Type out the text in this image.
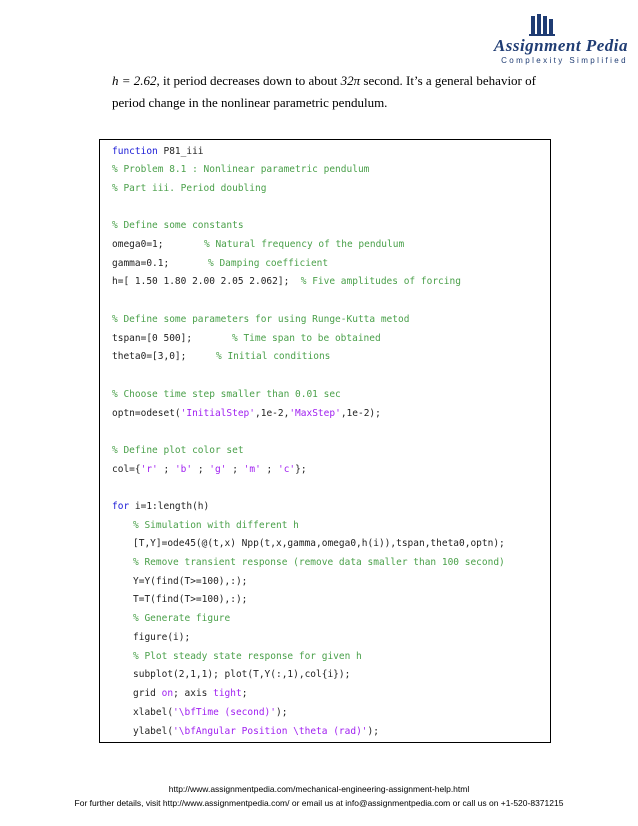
Assignment Pedia
Complexity Simplified
h = 2.62, it period decreases down to about 32π second. It’s a general behavior of
period change in the nonlinear parametric pendulum.
function P81_iii
% Problem 8.1 : Nonlinear parametric pendulum
% Part iii. Period doubling
% Define some constants
omega0=1;	% Natural frequency of the pendulum
gamma=0.1;	% Damping coefficient
h=[ 1.50 1.80 2.00 2.05 2.062]; % Five amplitudes of forcing
% Define some parameters for using Runge-Kutta metod
tspan=[0 500];	% Time span to be obtained
theta0=[3,0];	% Initial conditions
% Choose time step smaller than 0.01 sec
optn=odeset('InitialStep',1e-2,'MaxStep',1e-2);
% Define plot color set
col={'r' ; 'b' ; 'g' ; 'm' ; 'c'};
for i=1:length(h)
% Simulation with different h
[T,Y]=ode45(@(t,x) Npp(t,x,gamma,omega0,h(i)),tspan,theta0,optn);
% Remove transient response (remove data smaller than 100 second)
Y=Y(find(T>=100),:);
T=T(find(T>=100),:);
% Generate figure
figure(i);
% Plot steady state response for given h
subplot(2,1,1); plot(T,Y(:,1),col{i});
grid on; axis tight;
xlabel('\bfTime (second)');
ylabel('\bfAngular Position \theta (rad)');
http://www.assignmentpedia.com/mechanical-engineering-assignment-help.html
For further details, visit http://www.assignmentpedia.com/ or email us at info@assignmentpedia.com or call us on +1-520-8371215
